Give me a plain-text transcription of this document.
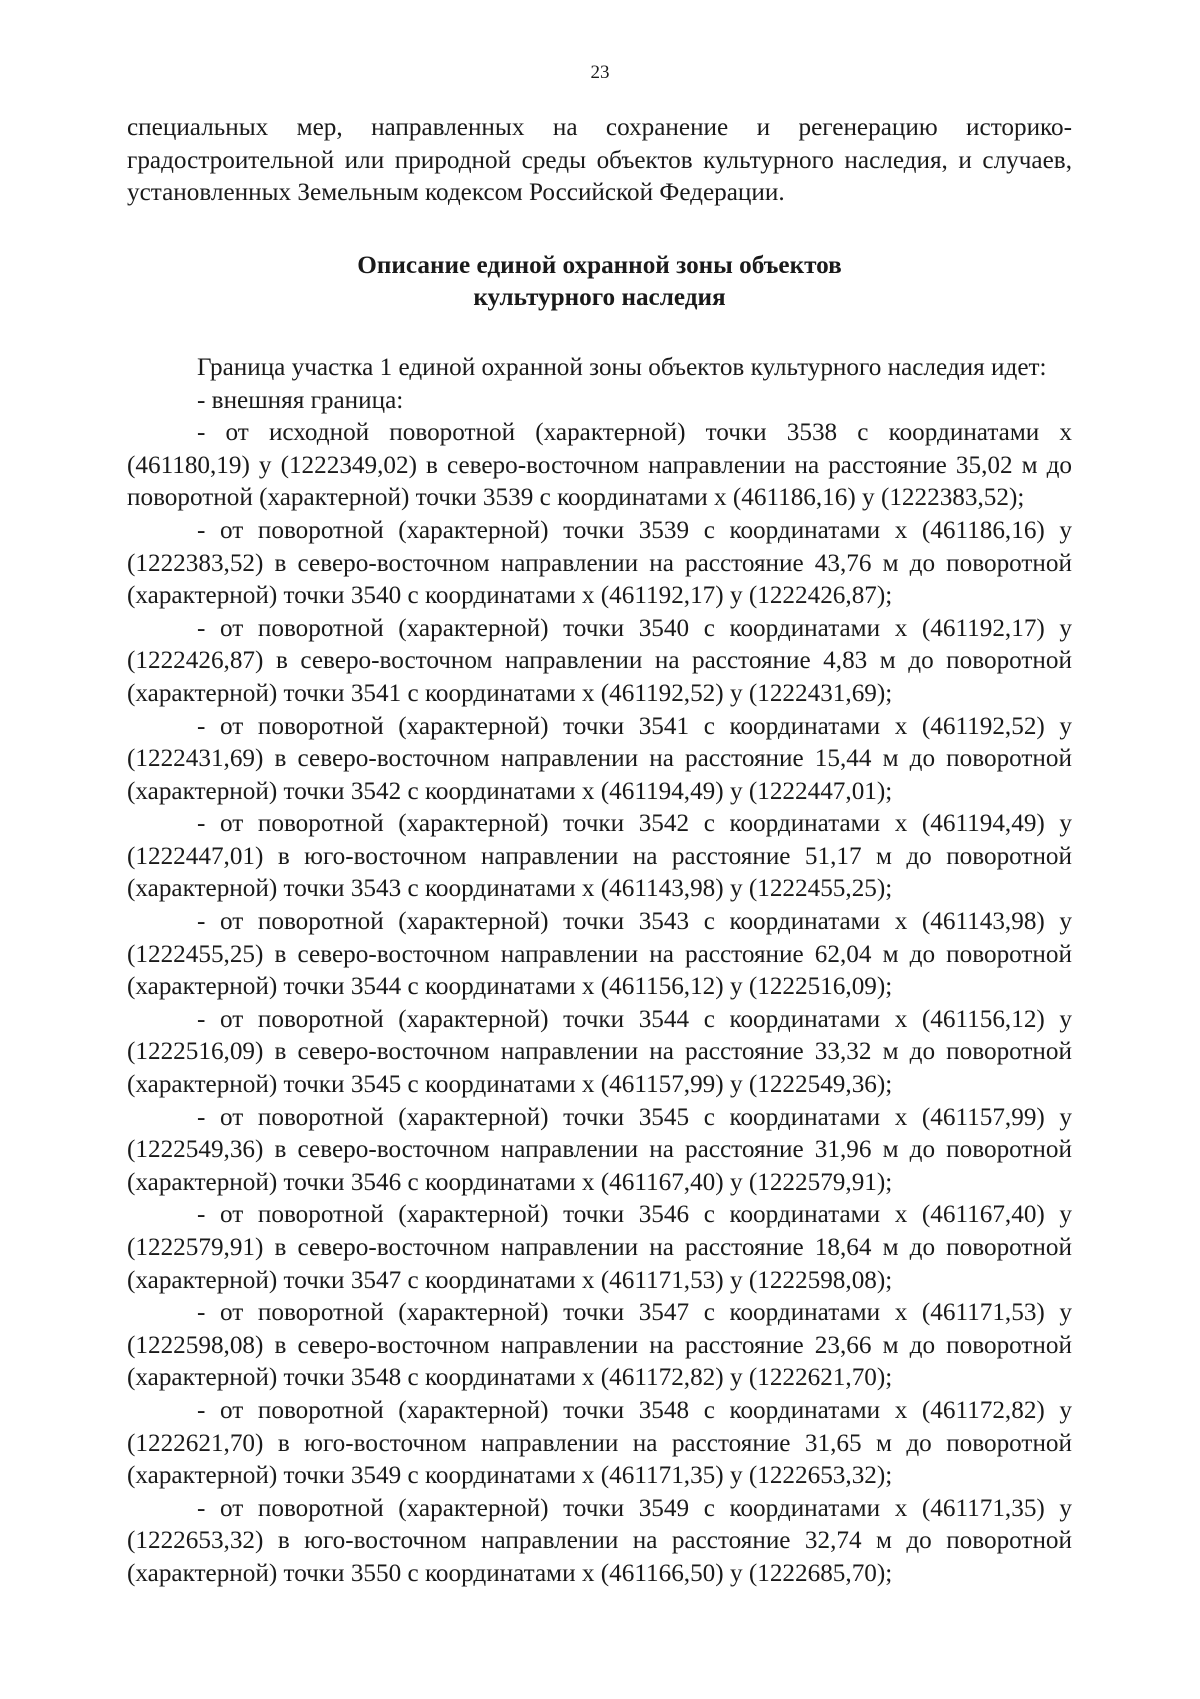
23

специальных мер, направленных на сохранение и регенерацию историко-градостроительной или природной среды объектов культурного наследия, и случаев, установленных Земельным кодексом Российской Федерации.

Описание единой охранной зоны объектов
культурного наследия

Граница участка 1 единой охранной зоны объектов культурного наследия идет:

- внешняя граница:

- от исходной поворотной (характерной) точки 3538 с координатами х (461180,19) у (1222349,02) в северо-восточном направлении на расстояние 35,02 м до поворотной (характерной) точки 3539 с координатами х (461186,16) у (1222383,52);

- от поворотной (характерной) точки 3539 с координатами х (461186,16) у (1222383,52) в северо-восточном направлении на расстояние 43,76 м до поворотной (характерной) точки 3540 с координатами х (461192,17) у (1222426,87);

- от поворотной (характерной) точки 3540 с координатами х (461192,17) у (1222426,87) в северо-восточном направлении на расстояние 4,83 м до поворотной (характерной) точки 3541 с координатами х (461192,52) у (1222431,69);

- от поворотной (характерной) точки 3541 с координатами х (461192,52) у (1222431,69) в северо-восточном направлении на расстояние 15,44 м до поворотной (характерной) точки 3542 с координатами х (461194,49) у (1222447,01);

- от поворотной (характерной) точки 3542 с координатами х (461194,49) у (1222447,01) в юго-восточном направлении на расстояние 51,17 м до поворотной (характерной) точки 3543 с координатами х (461143,98) у (1222455,25);

- от поворотной (характерной) точки 3543 с координатами х (461143,98) у (1222455,25) в северо-восточном направлении на расстояние 62,04 м до поворотной (характерной) точки 3544 с координатами х (461156,12) у (1222516,09);

- от поворотной (характерной) точки 3544 с координатами х (461156,12) у (1222516,09) в северо-восточном направлении на расстояние 33,32 м до поворотной (характерной) точки 3545 с координатами х (461157,99) у (1222549,36);

- от поворотной (характерной) точки 3545 с координатами х (461157,99) у (1222549,36) в северо-восточном направлении на расстояние 31,96 м до поворотной (характерной) точки 3546 с координатами х (461167,40) у (1222579,91);

- от поворотной (характерной) точки 3546 с координатами х (461167,40) у (1222579,91) в северо-восточном направлении на расстояние 18,64 м до поворотной (характерной) точки 3547 с координатами х (461171,53) у (1222598,08);

- от поворотной (характерной) точки 3547 с координатами х (461171,53) у (1222598,08) в северо-восточном направлении на расстояние 23,66 м до поворотной (характерной) точки 3548 с координатами х (461172,82) у (1222621,70);

- от поворотной (характерной) точки 3548 с координатами х (461172,82) у (1222621,70) в юго-восточном направлении на расстояние 31,65 м до поворотной (характерной) точки 3549 с координатами х (461171,35) у (1222653,32);

- от поворотной (характерной) точки 3549 с координатами х (461171,35) у (1222653,32) в юго-восточном направлении на расстояние 32,74 м до поворотной (характерной) точки 3550 с координатами х (461166,50) у (1222685,70);
